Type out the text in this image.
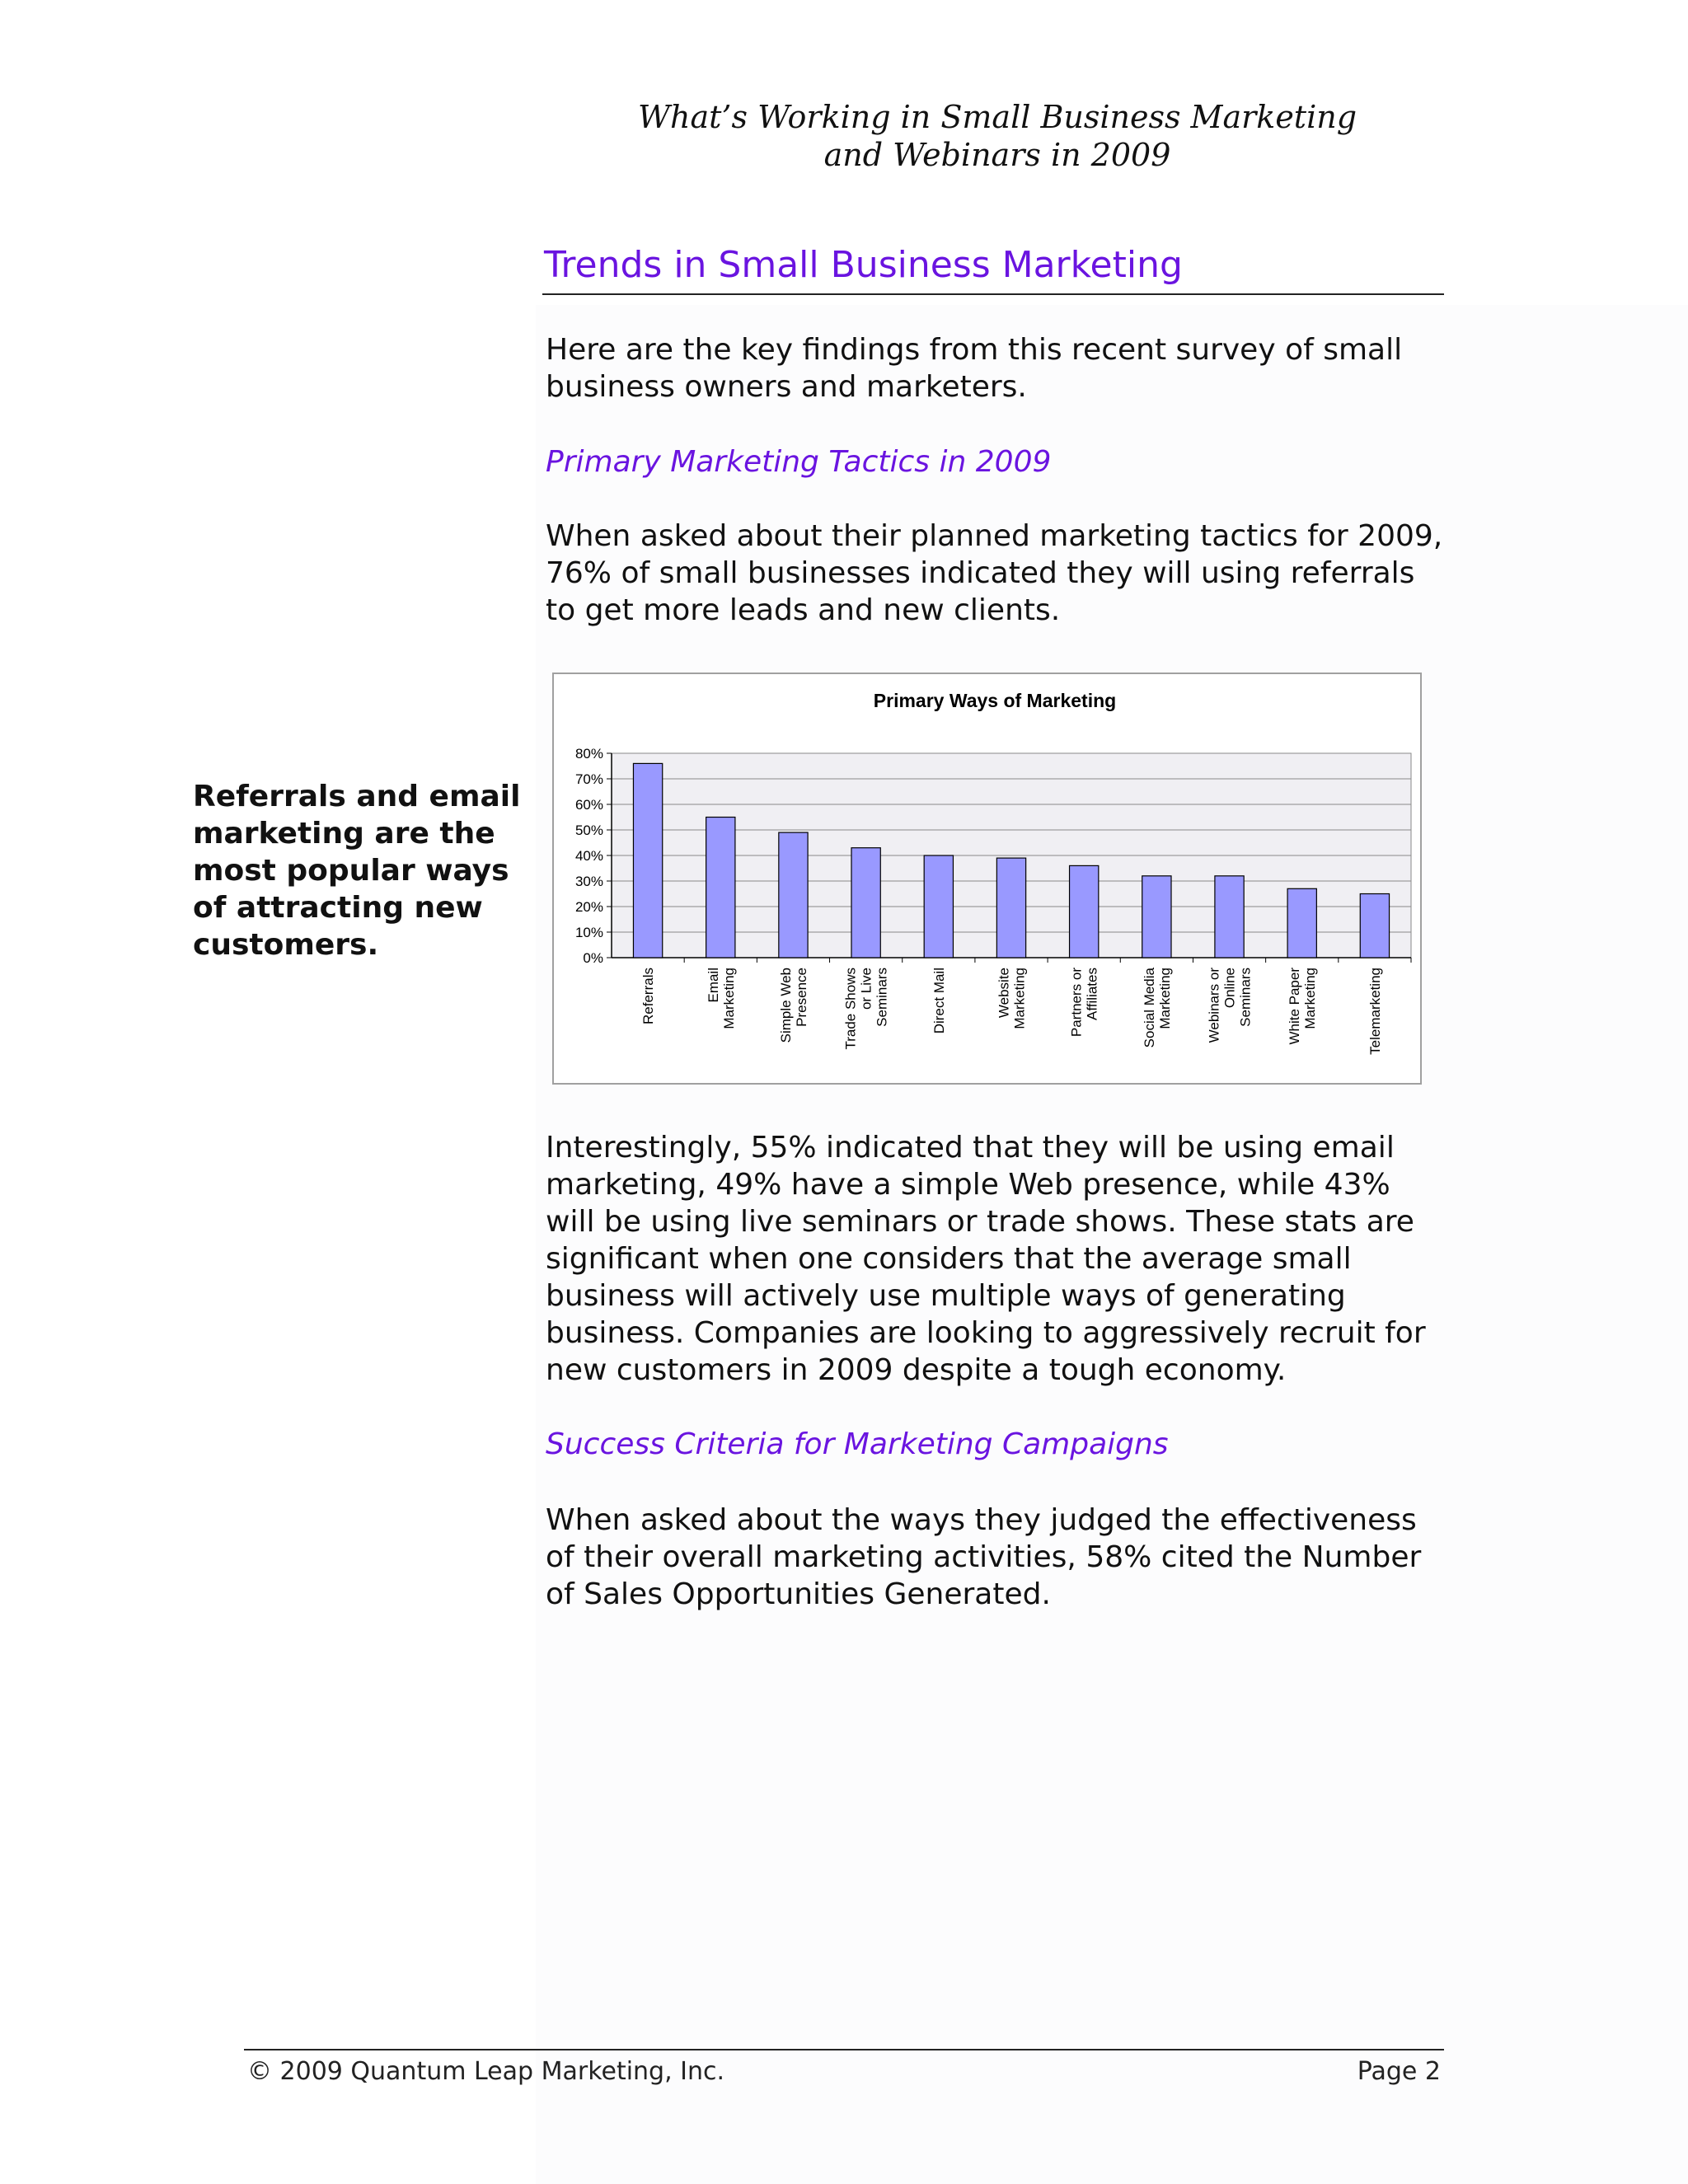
What’s Working in Small Business Marketing
and Webinars in 2009
Trends in Small Business Marketing

Here are the key findings from this recent survey of small business owners and marketers.

Primary Marketing Tactics in 2009

When asked about their planned marketing tactics for 2009, 76% of small businesses indicated they will using referrals to get more leads and new clients.

Referrals and email marketing are the most popular ways of attracting new customers.
Primary Ways of Marketing
0%
10%
20%
30%
40%
50%
60%
70%
80%
Referrals	Email Marketing	Simple Web Presence Trade Shows or Live Seminars	Direct Mail	Website Marketing	Partners or Affiliates	Social Media Marketing Webinars or Online Seminars White Paper Marketing	Telemarketing

Interestingly, 55% indicated that they will be using email marketing, 49% have a simple Web presence, while 43% will be using live seminars or trade shows. These stats are significant when one considers that the average small business will actively use multiple ways of generating business. Companies are looking to aggressively recruit for new customers in 2009 despite a tough economy.

Success Criteria for Marketing Campaigns

When asked about the ways they judged the effectiveness of their overall marketing activities, 58% cited the Number of Sales Opportunities Generated.

© 2009 Quantum Leap Marketing, Inc.	Page 2
